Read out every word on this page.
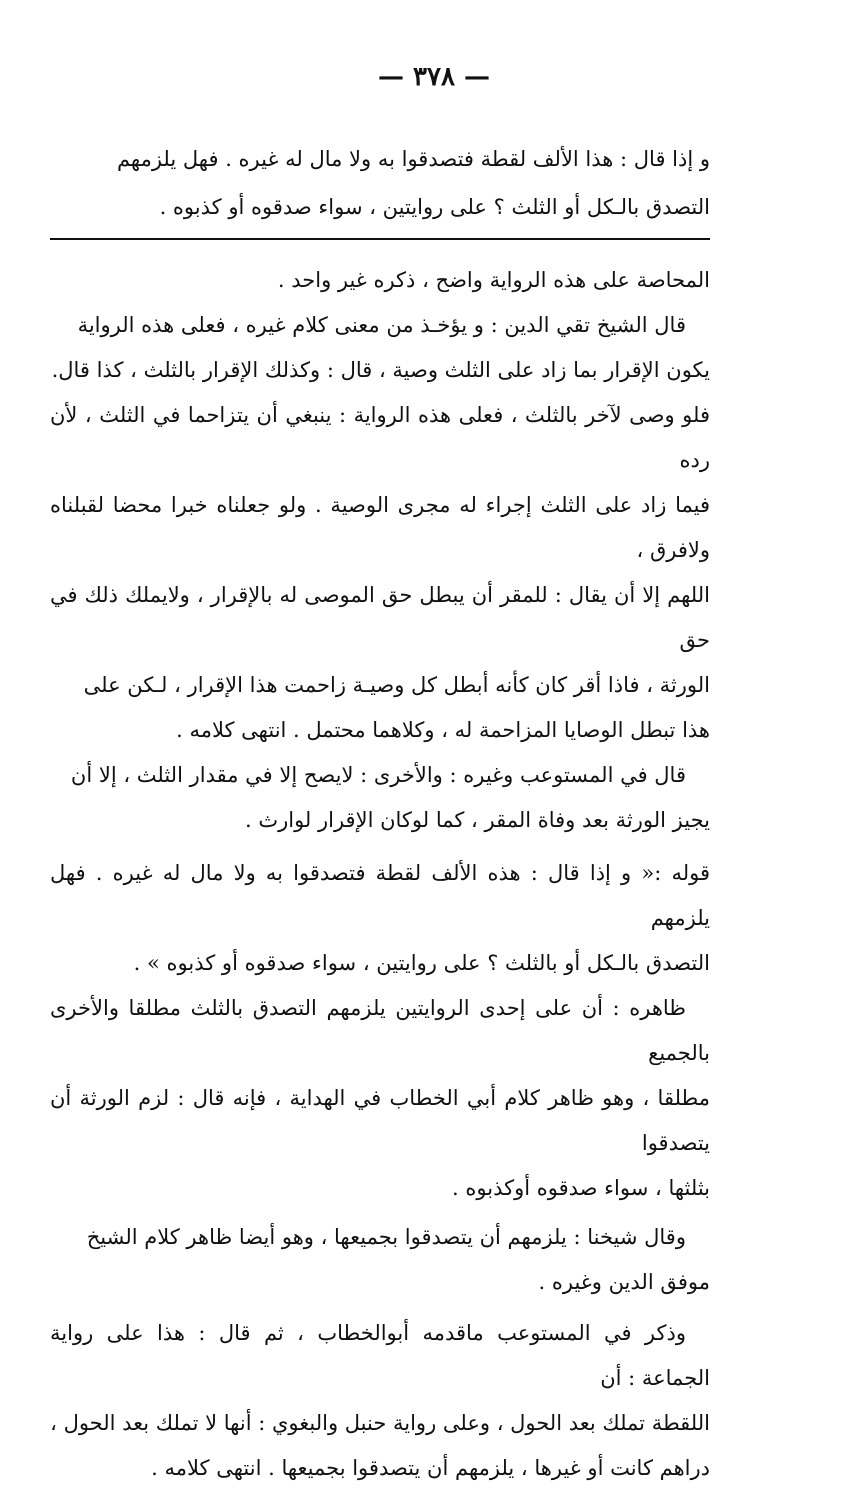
— ٣٧٨ —

و إذا قال : هذا الألف لقطة فتصدقوا به ولا مال له غيره . فهل يلزمهم

التصدق بالـكل أو الثلث ؟ على روايتين ، سواء صدقوه أو كذبوه .

المحاصة على هذه الرواية واضح ، ذكره غير واحد .

قال الشيخ تقي الدين : و يؤخـذ من معنى كلام غيره ، فعلى هذه الرواية

يكون الإقرار بما زاد على الثلث وصية ، قال : وكذلك الإقرار بالثلث ، كذا قال.

فلو وصى لآخر بالثلث ، فعلى هذه الرواية : ينبغي أن يتزاحما في الثلث ، لأن رده

فيما زاد على الثلث إجراء له مجرى الوصية . ولو جعلناه خبرا محضا لقبلناه ولافرق ،

اللهم إلا أن يقال : للمقر أن يبطل حق الموصى له بالإقرار ، ولايملك ذلك في حق

الورثة ، فاذا أقر كان كأنه أبطل كل وصيـة زاحمت هذا الإقرار ، لـكن على

هذا تبطل الوصايا المزاحمة له ، وكلاهما محتمل . انتهى كلامه .

قال في المستوعب وغيره : والأخرى : لايصح إلا في مقدار الثلث ، إلا أن

يجيز الورثة بعد وفاة المقر ، كما لوكان الإقرار لوارث .

قوله :« و إذا قال : هذه الألف لقطة فتصدقوا به ولا مال له غيره . فهل يلزمهم

التصدق بالـكل أو بالثلث ؟ على روايتين ، سواء صدقوه أو كذبوه » .

ظاهره : أن على إحدى الروايتين يلزمهم التصدق بالثلث مطلقا والأخرى بالجميع

مطلقا ، وهو ظاهر كلام أبي الخطاب في الهداية ، فإنه قال : لزم الورثة أن يتصدقوا

بثلثها ، سواء صدقوه أوكذبوه .

وقال شيخنا : يلزمهم أن يتصدقوا بجميعها ، وهو أيضا ظاهر كلام الشيخ

موفق الدين وغيره .

وذكر في المستوعب ماقدمه أبوالخطاب ، ثم قال : هذا على رواية الجماعة : أن

اللقطة تملك بعد الحول ، وعلى رواية حنبل والبغوي : أنها لا تملك بعد الحول ،

دراهم كانت أو غيرها ، يلزمهم أن يتصدقوا بجميعها . انتهى كلامه .
